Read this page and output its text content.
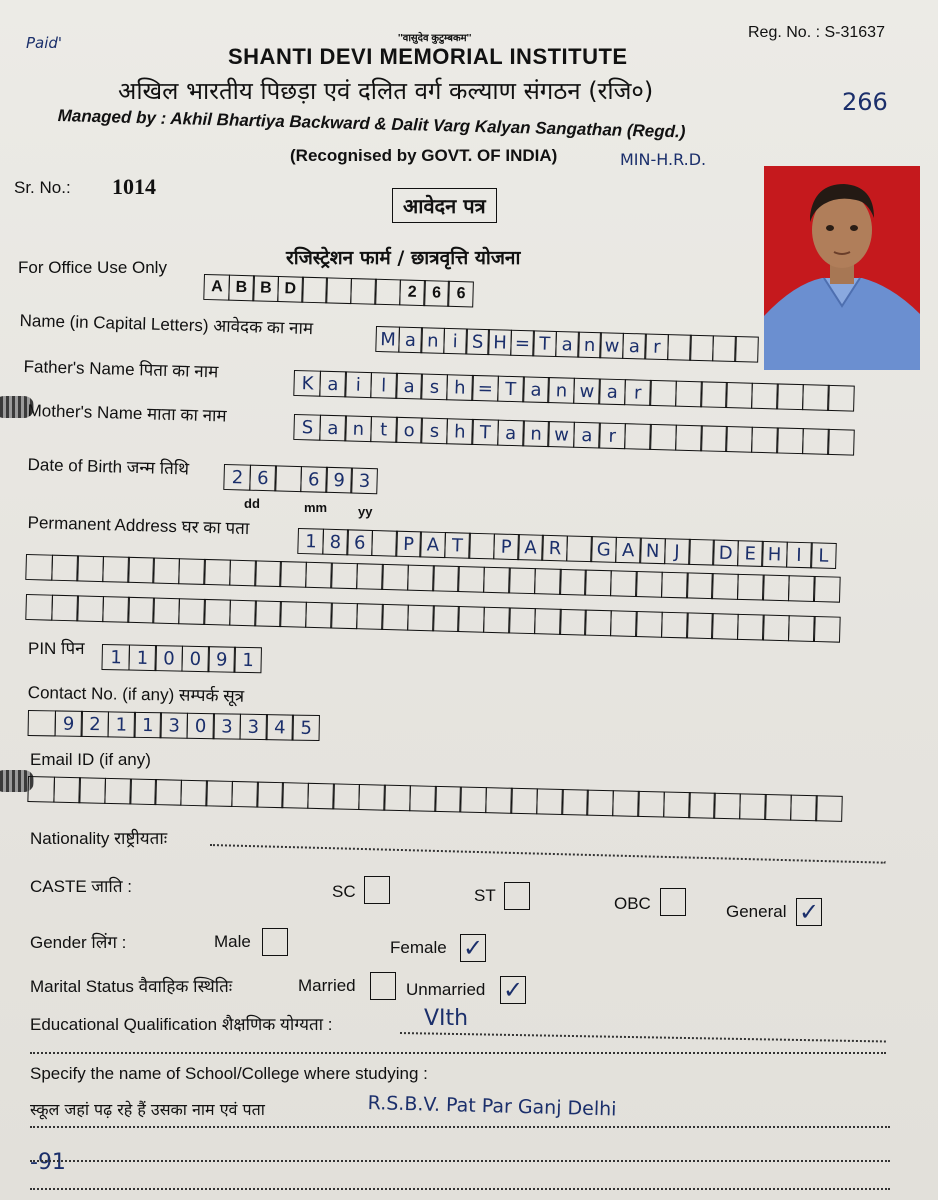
Paid'	''वासुदेव कुटुम्बकम''	Reg. No. : S-31637
SHANTI DEVI MEMORIAL INSTITUTE
अखिल भारतीय पिछड़ा एवं दलित वर्ग कल्याण संगठन (रजि०)	266
Managed by : Akhil Bhartiya Backward & Dalit Varg Kalyan Sangathan (Regd.)
(Recognised by GOVT. OF INDIA)	MIN-H.R.D.
Sr. No.: 1014
आवेदन पत्र
रजिस्ट्रेशन फार्म / छात्रवृत्ति योजना
For Office Use Only
A B B D	2 6 6
Name (in Capital Letters) आवेदक का नाम
M a n i S H = T a n w a r
Father's Name पिता का नाम
K a i	l a s h = T a n w a r
Mother's Name माता का नाम
S a n t o s h T a n w a r
Date of Birth जन्म तिथि	2 6	6 9 3
dd	mm yy
Permanent Address घर का पता
1 8 6	P A T	P A R	G A N J	D E H I L
PIN पिन	1 1 0 0 9 1
Contact No. (if any) सम्पर्क सूत्र
9 2 1 1 3 0 3 3 4 5
Email ID (if any)
Nationality राष्ट्रीयताः
CASTE जाति :	SC	ST	OBC	General ✓
Gender लिंग :	Male	Female ✓
Marital Status वैवाहिक स्थितिः	Married	Unmarried ✓
Educational Qualification शैक्षणिक योग्यता :	VIth
Specify the name of School/College where studying :
स्कूल जहां पढ़ रहे हैं उसका नाम एवं पता	R.S.B.V. Pat Par Ganj Delhi
-91
